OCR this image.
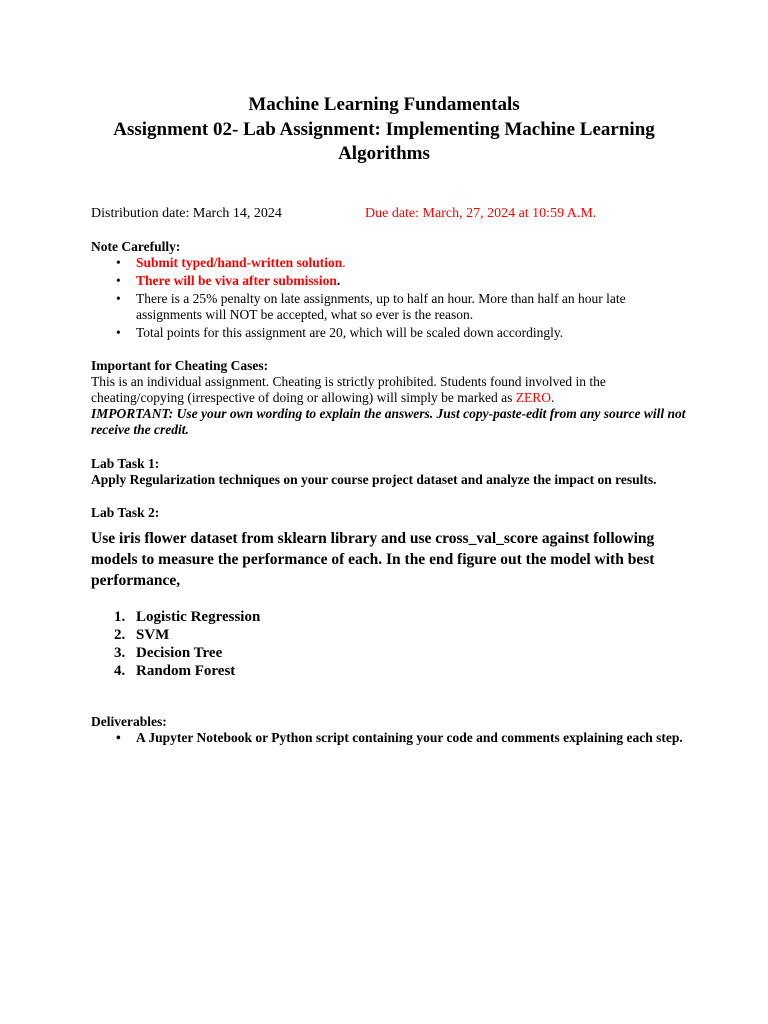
Machine Learning Fundamentals
Assignment 02- Lab Assignment: Implementing Machine Learning
Algorithms
Distribution date: March 14, 2024	Due date: March, 27, 2024 at 10:59 A.M.
Note Carefully:
• Submit typed/hand-written solution.
• There will be viva after submission.
• There is a 25% penalty on late assignments, up to half an hour. More than half an hour late assignments will NOT be accepted, what so ever is the reason.
• Total points for this assignment are 20, which will be scaled down accordingly.
Important for Cheating Cases:
This is an individual assignment. Cheating is strictly prohibited. Students found involved in the cheating/copying (irrespective of doing or allowing) will simply be marked as ZERO.
IMPORTANT: Use your own wording to explain the answers. Just copy-paste-edit from any source will not receive the credit.
Lab Task 1:
Apply Regularization techniques on your course project dataset and analyze the impact on results.
Lab Task 2:
Use iris flower dataset from sklearn library and use cross_val_score against following models to measure the performance of each. In the end figure out the model with best performance,
1. Logistic Regression
2. SVM
3. Decision Tree
4. Random Forest
Deliverables:
• A Jupyter Notebook or Python script containing your code and comments explaining each step.
